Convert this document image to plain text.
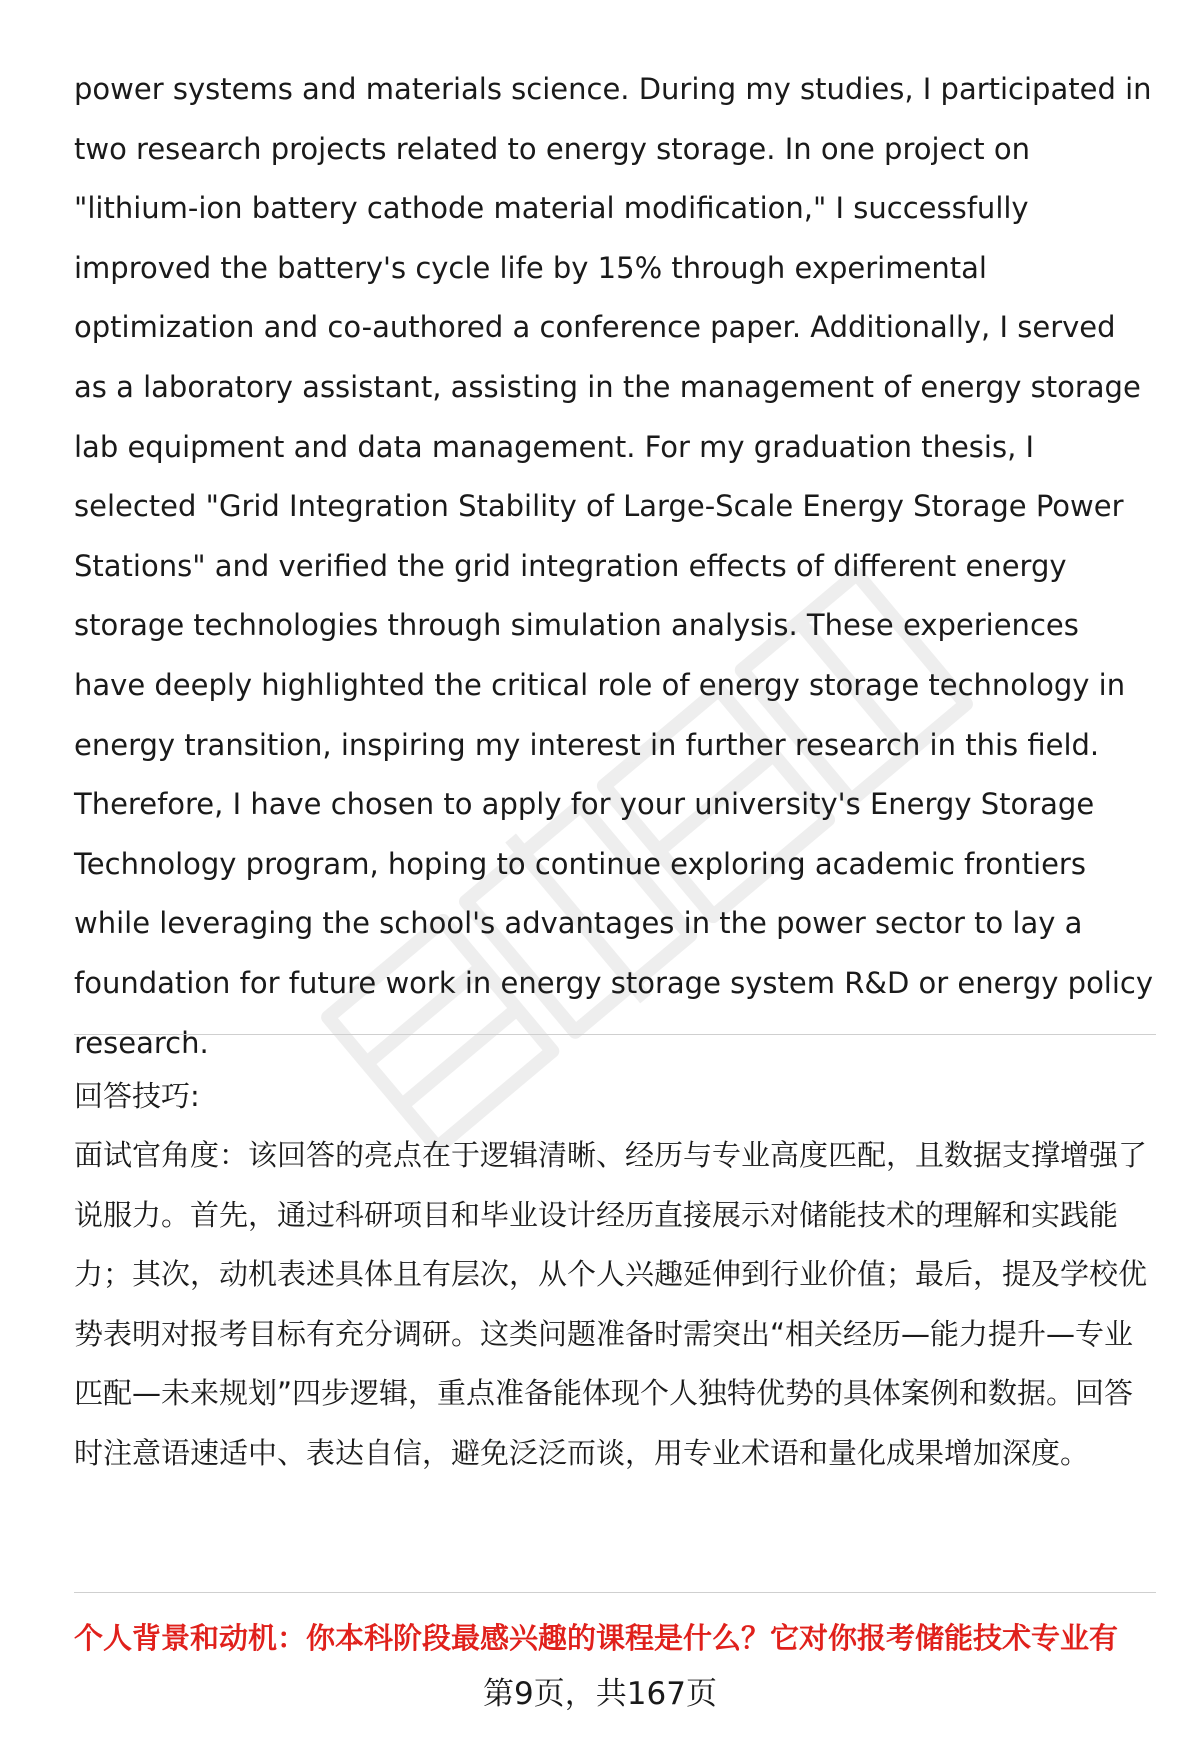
power systems and materials science. During my studies, I participated in two research projects related to energy storage. In one project on "lithium-ion battery cathode material modification," I successfully improved the battery's cycle life by 15% through experimental optimization and co-authored a conference paper. Additionally, I served as a laboratory assistant, assisting in the management of energy storage lab equipment and data management. For my graduation thesis, I selected "Grid Integration Stability of Large-Scale Energy Storage Power Stations" and verified the grid integration effects of different energy storage technologies through simulation analysis. These experiences have deeply highlighted the critical role of energy storage technology in energy transition, inspiring my interest in further research in this field. Therefore, I have chosen to apply for your university's Energy Storage Technology program, hoping to continue exploring academic frontiers while leveraging the school's advantages in the power sector to lay a foundation for future work in energy storage system R&D or energy policy research.

回答技巧:

面试官角度：该回答的亮点在于逻辑清晰、经历与专业高度匹配，且数据支撑增强了说服力。首先，通过科研项目和毕业设计经历直接展示对储能技术的理解和实践能力；其次，动机表述具体且有层次，从个人兴趣延伸到行业价值；最后，提及学校优势表明对报考目标有充分调研。这类问题准备时需突出“相关经历—能力提升—专业匹配—未来规划”四步逻辑，重点准备能体现个人独特优势的具体案例和数据。回答时注意语速适中、表达自信，避免泛泛而谈，用专业术语和量化成果增加深度。

个人背景和动机：你本科阶段最感兴趣的课程是什么？它对你报考储能技术专业有

第9页，共167页
